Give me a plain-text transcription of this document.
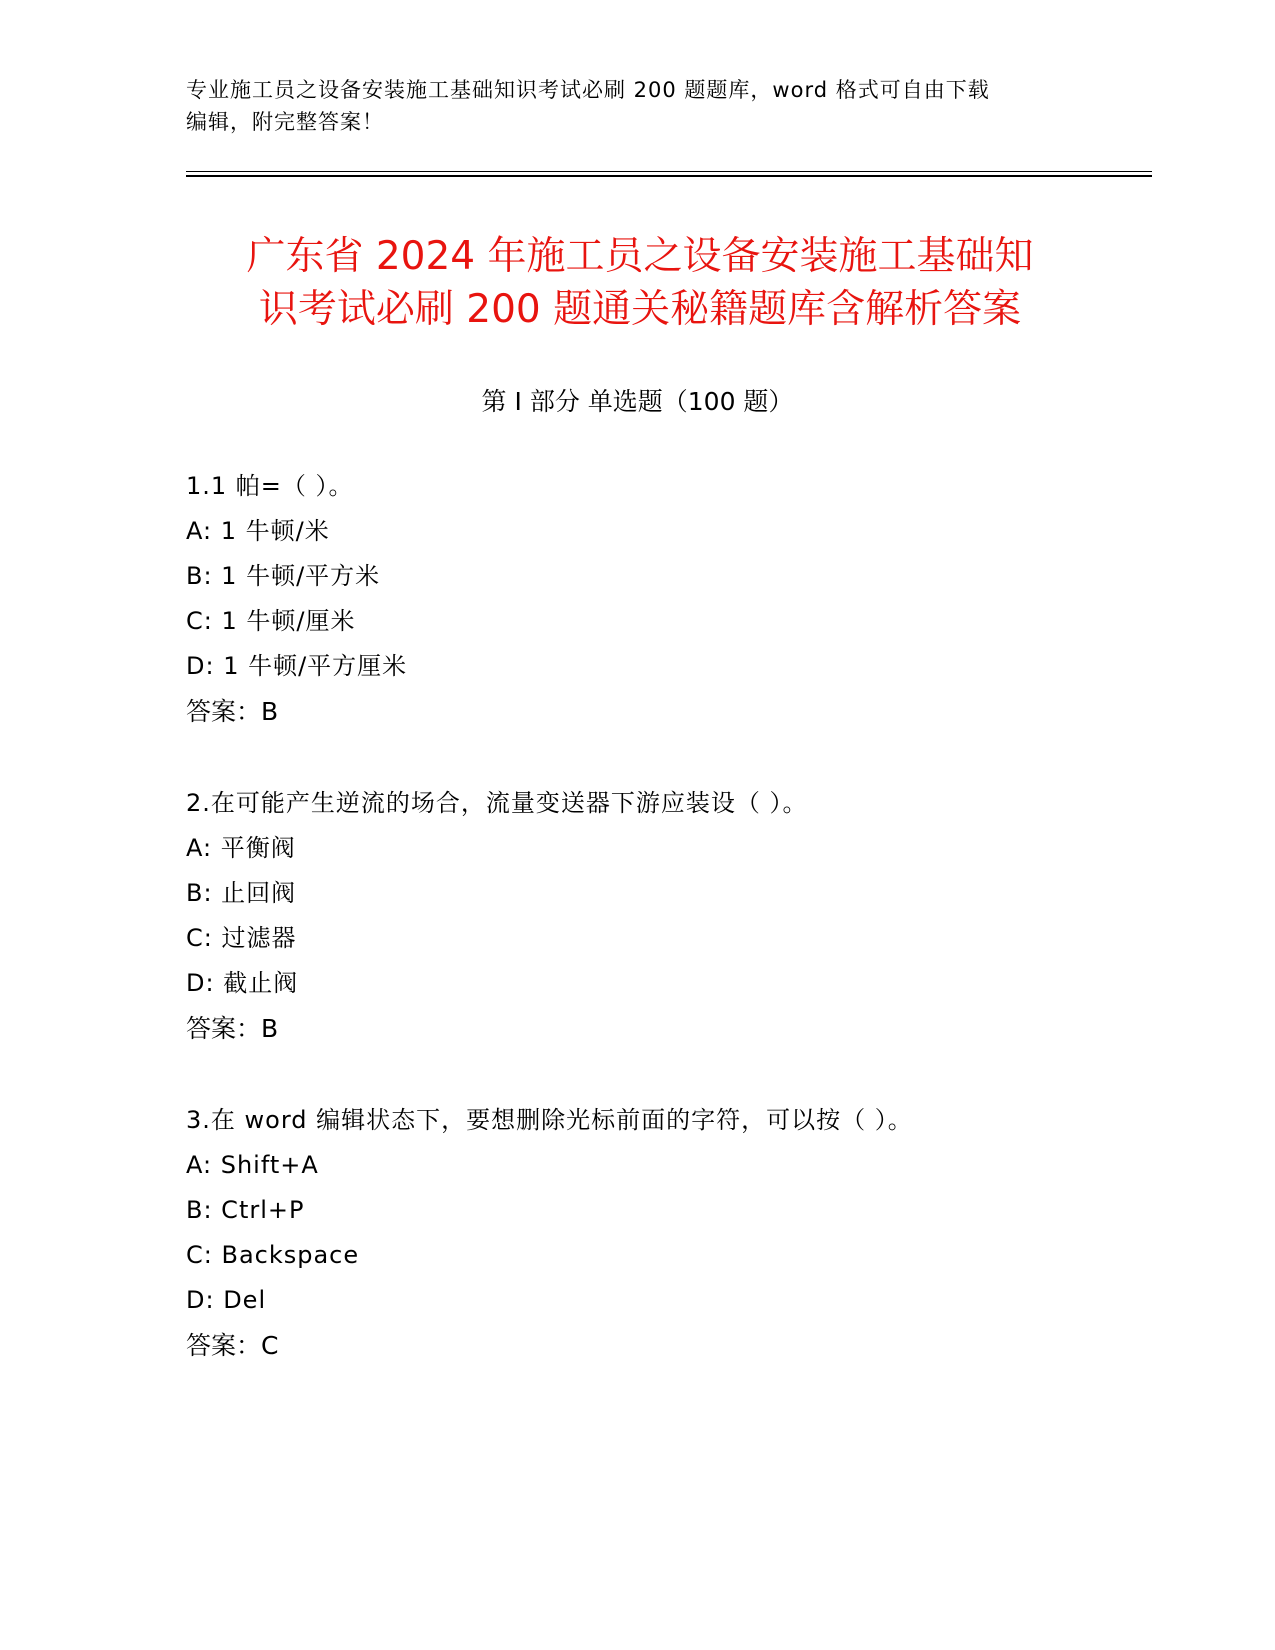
专业施工员之设备安装施工基础知识考试必刷 200 题题库，word 格式可自由下载
编辑，附完整答案！
广东省 2024 年施工员之设备安装施工基础知
识考试必刷 200 题通关秘籍题库含解析答案
第 I 部分 单选题（100 题）
1.1 帕=（ ）。
A: 1 牛顿/米
B: 1 牛顿/平方米
C: 1 牛顿/厘米
D: 1 牛顿/平方厘米
答案：B
2.在可能产生逆流的场合，流量变送器下游应装设（ ）。
A: 平衡阀
B: 止回阀
C: 过滤器
D: 截止阀
答案：B
3.在 word 编辑状态下，要想删除光标前面的字符，可以按（ ）。
A: Shift+A
B: Ctrl+P
C: Backspace
D: Del
答案：C
